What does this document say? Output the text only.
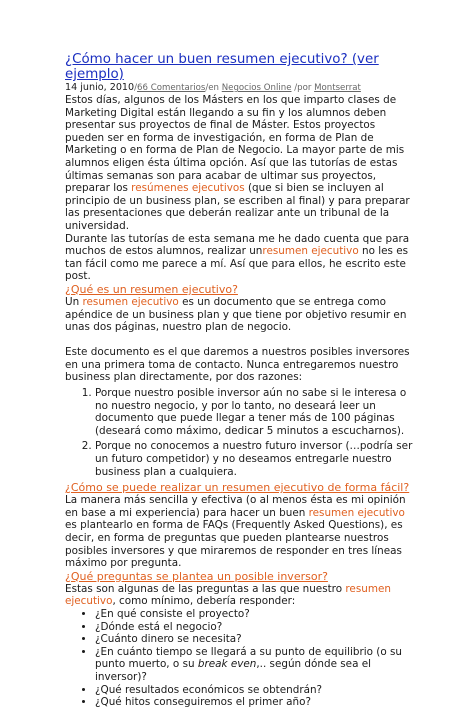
¿Cómo hacer un buen resumen ejecutivo? (ver ejemplo)
14 junio, 2010/66 Comentarios/en Negocios Online /por Montserrat

Estos días, algunos de los Másters en los que imparto clases de Marketing Digital están llegando a su fin y los alumnos deben presentar sus proyectos de final de Máster. Estos proyectos pueden ser en forma de investigación, en forma de Plan de Marketing o en forma de Plan de Negocio. La mayor parte de mis alumnos eligen ésta última opción. Así que las tutorías de estas últimas semanas son para acabar de ultimar sus proyectos, preparar los resúmenes ejecutivos (que si bien se incluyen al principio de un business plan, se escriben al final) y para preparar las presentaciones que deberán realizar ante un tribunal de la universidad.

Durante las tutorías de esta semana me he dado cuenta que para muchos de estos alumnos, realizar unresumen ejecutivo no les es tan fácil como me parece a mí. Así que para ellos, he escrito este post.

¿Qué es un resumen ejecutivo?

Un resumen ejecutivo es un documento que se entrega como apéndice de un business plan y que tiene por objetivo resumir en unas dos páginas, nuestro plan de negocio.

Este documento es el que daremos a nuestros posibles inversores en una primera toma de contacto. Nunca entregaremos nuestro business plan directamente, por dos razones:

1. Porque nuestro posible inversor aún no sabe si le interesa o no nuestro negocio, y por lo tanto, no deseará leer un documento que puede llegar a tener más de 100 páginas (deseará como máximo, dedicar 5 minutos a escucharnos).
2. Porque no conocemos a nuestro futuro inversor (…podría ser un futuro competidor) y no deseamos entregarle nuestro business plan a cualquiera.
¿Cómo se puede realizar un resumen ejecutivo de forma fácil?

La manera más sencilla y efectiva (o al menos ésta es mi opinión en base a mi experiencia) para hacer un buen resumen ejecutivo es plantearlo en forma de FAQs (Frequently Asked Questions), es decir, en forma de preguntas que pueden plantearse nuestros posibles inversores y que miraremos de responder en tres líneas máximo por pregunta.

¿Qué preguntas se plantea un posible inversor?

Estas son algunas de las preguntas a las que nuestro resumen ejecutivo, como mínimo, debería responder:

• ¿En qué consiste el proyecto?
• ¿Dónde está el negocio?
• ¿Cuánto dinero se necesita?
• ¿En cuánto tiempo se llegará a su punto de equilibrio (o su punto muerto, o su break even,.. según dónde sea el inversor)?
• ¿Qué resultados económicos se obtendrán?
• ¿Qué hitos conseguiremos el primer año?
